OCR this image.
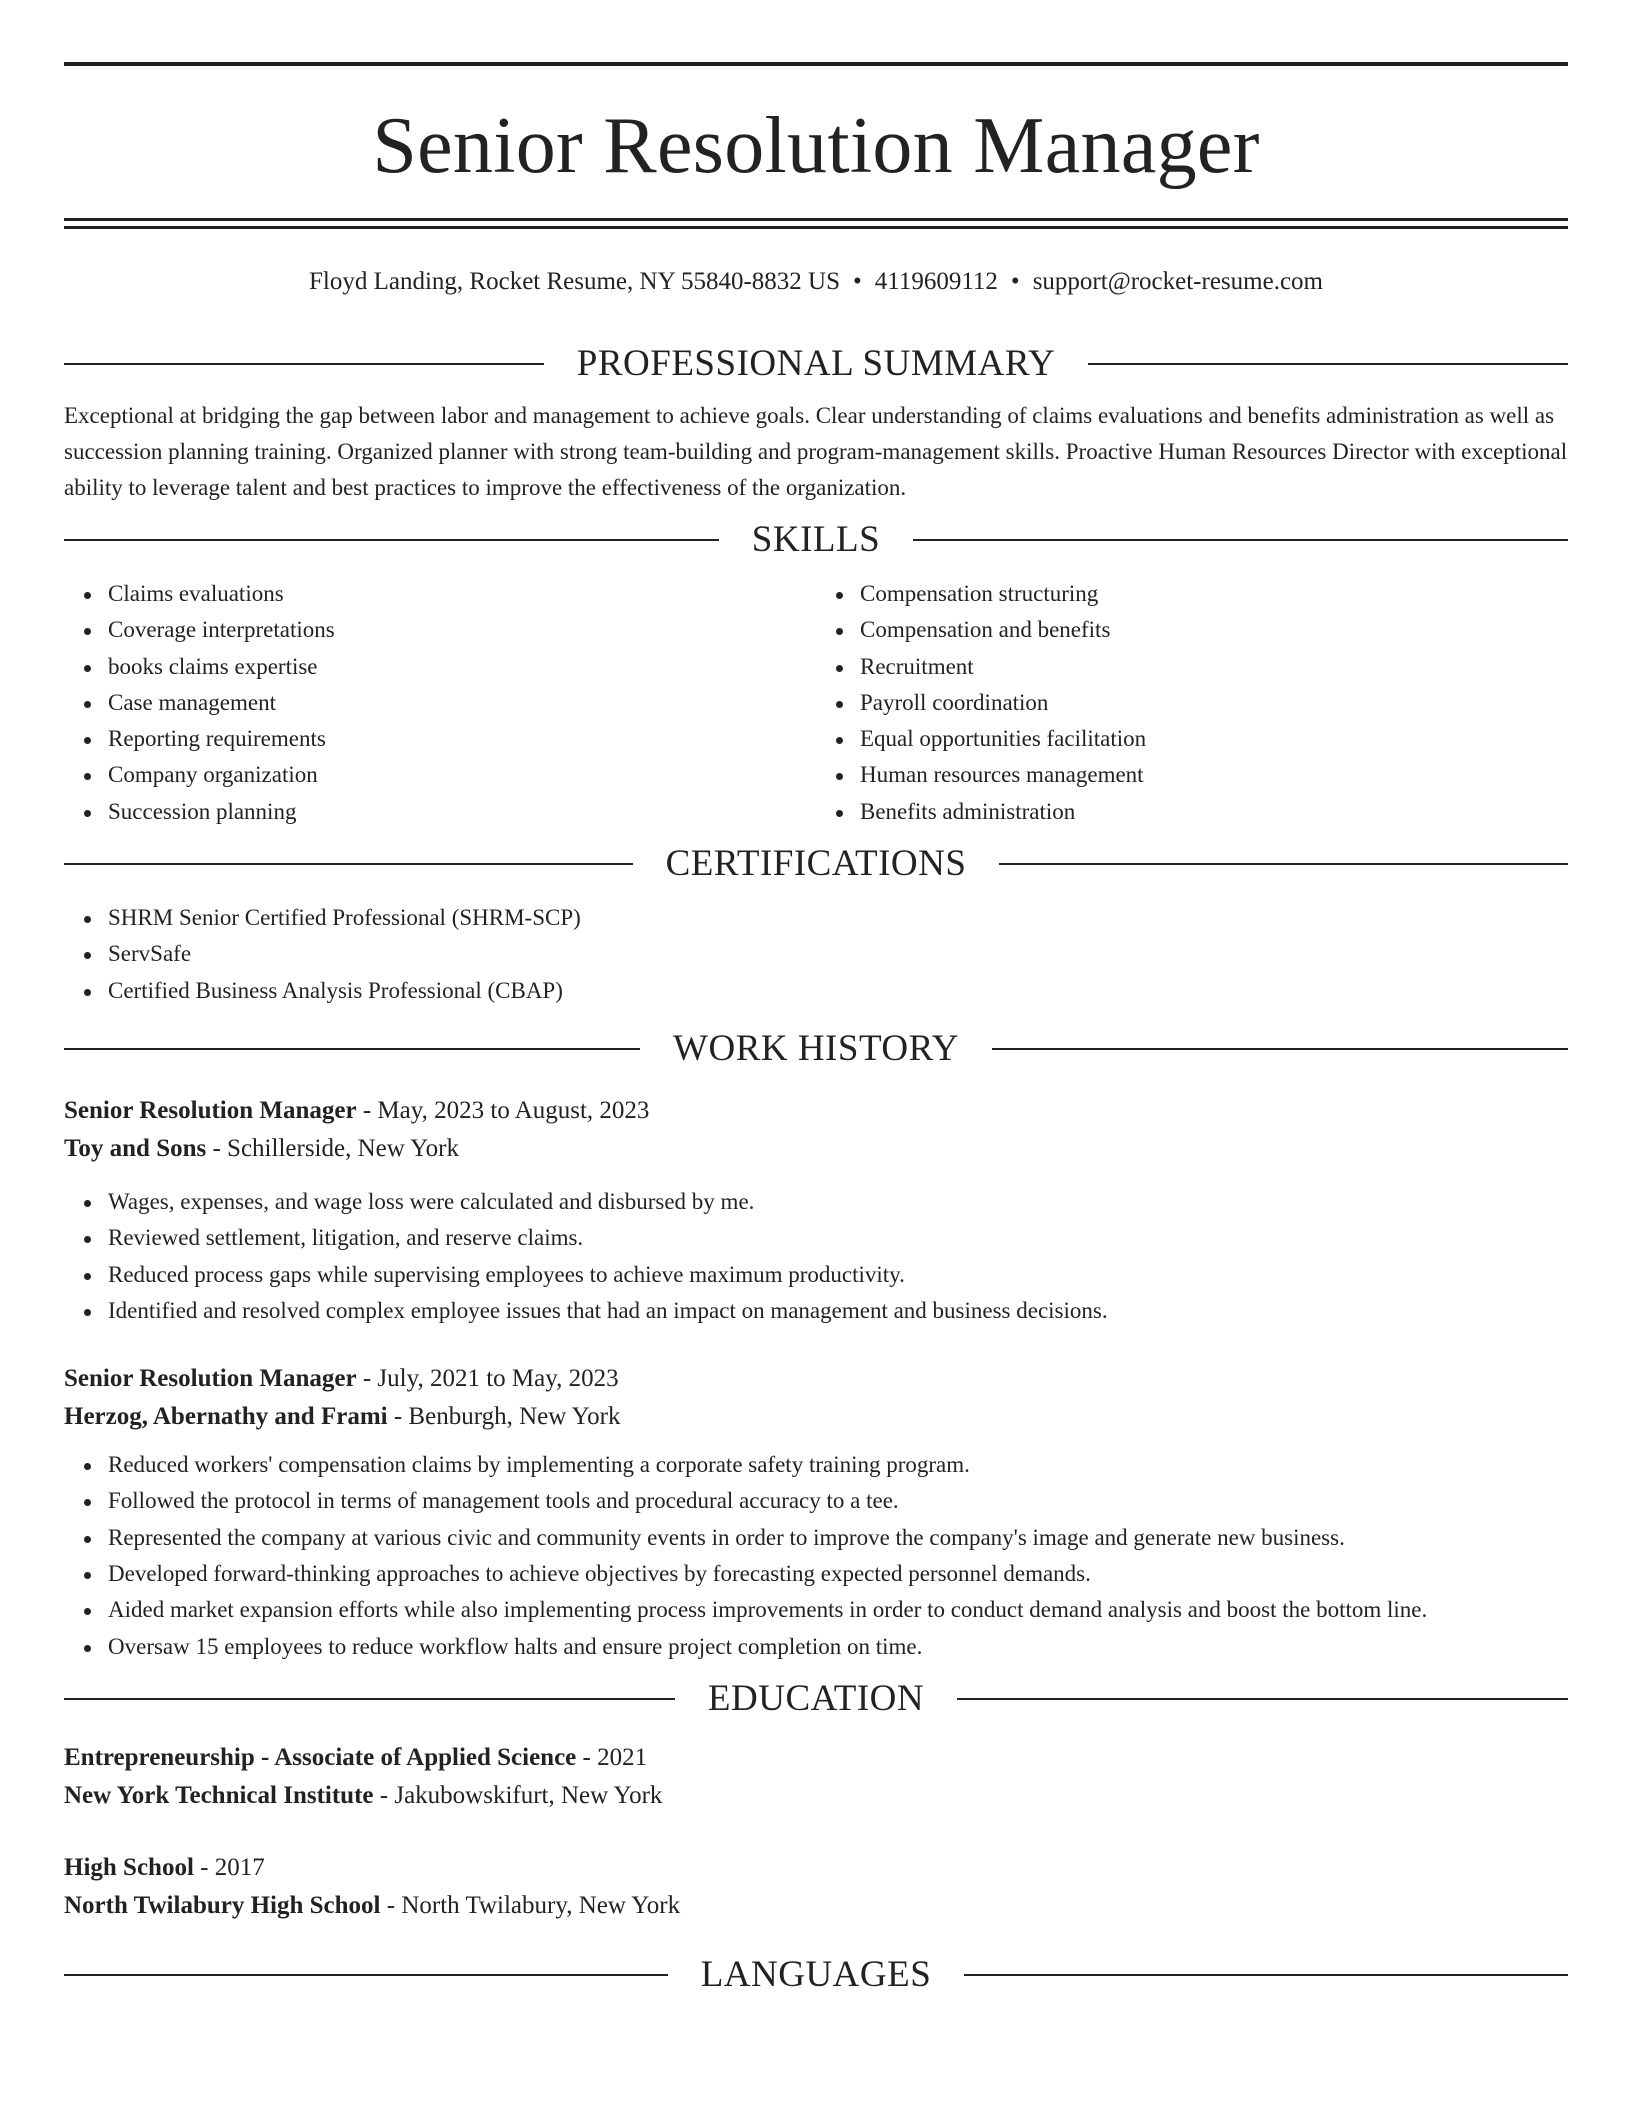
Senior Resolution Manager
Floyd Landing, Rocket Resume, NY 55840-8832 US • 4119609112 • support@rocket-resume.com
PROFESSIONAL SUMMARY

Exceptional at bridging the gap between labor and management to achieve goals. Clear understanding of claims evaluations and benefits administration as well as succession planning training. Organized planner with strong team-building and program-management skills. Proactive Human Resources Director with exceptional ability to leverage talent and best practices to improve the effectiveness of the organization.

SKILLS
Claims evaluations
Coverage interpretations
books claims expertise
Case management
Reporting requirements
Company organization
Succession planning
Compensation structuring
Compensation and benefits
Recruitment
Payroll coordination
Equal opportunities facilitation
Human resources management
Benefits administration
CERTIFICATIONS
SHRM Senior Certified Professional (SHRM-SCP)
ServSafe
Certified Business Analysis Professional (CBAP)
WORK HISTORY
Senior Resolution Manager - May, 2023 to August, 2023
Toy and Sons - Schillerside, New York
Wages, expenses, and wage loss were calculated and disbursed by me.
Reviewed settlement, litigation, and reserve claims.
Reduced process gaps while supervising employees to achieve maximum productivity.
Identified and resolved complex employee issues that had an impact on management and business decisions.
Senior Resolution Manager - July, 2021 to May, 2023
Herzog, Abernathy and Frami - Benburgh, New York
Reduced workers' compensation claims by implementing a corporate safety training program.
Followed the protocol in terms of management tools and procedural accuracy to a tee.
Represented the company at various civic and community events in order to improve the company's image and generate new business.
Developed forward-thinking approaches to achieve objectives by forecasting expected personnel demands.
Aided market expansion efforts while also implementing process improvements in order to conduct demand analysis and boost the bottom line.
Oversaw 15 employees to reduce workflow halts and ensure project completion on time.
EDUCATION
Entrepreneurship - Associate of Applied Science - 2021
New York Technical Institute - Jakubowskifurt, New York
High School - 2017
North Twilabury High School - North Twilabury, New York
LANGUAGES
